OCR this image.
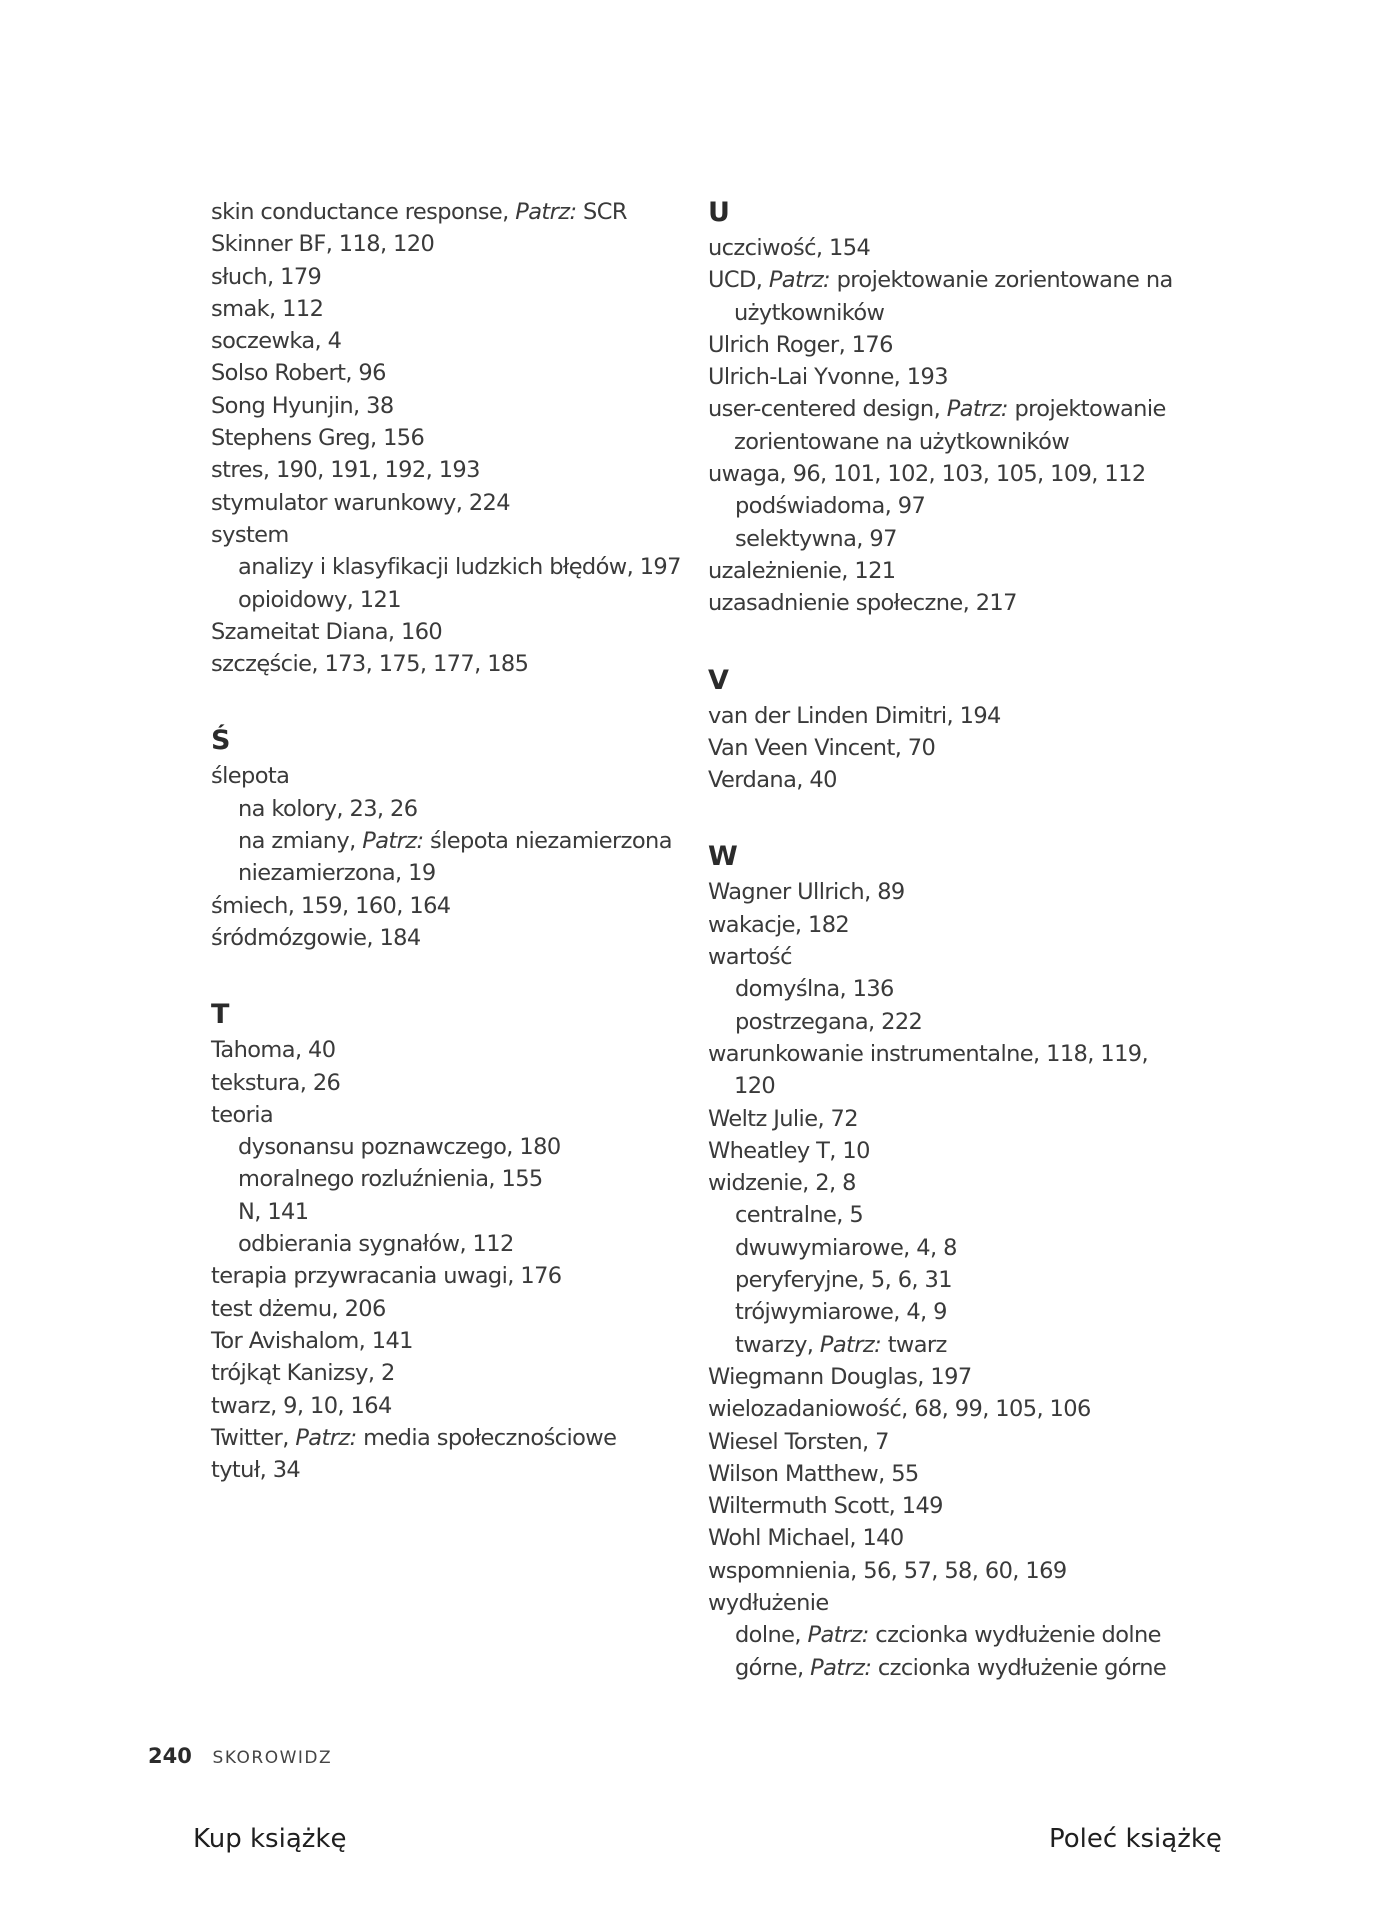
skin conductance response, Patrz: SCR
Skinner BF, 118, 120
słuch, 179
smak, 112
soczewka, 4
Solso Robert, 96
Song Hyunjin, 38
Stephens Greg, 156
stres, 190, 191, 192, 193
stymulator warunkowy, 224
system
analizy i klasyfikacji ludzkich błędów, 197
opioidowy, 121
Szameitat Diana, 160
szczęście, 173, 175, 177, 185
Ś
ślepota
na kolory, 23, 26
na zmiany, Patrz: ślepota niezamierzona
niezamierzona, 19
śmiech, 159, 160, 164
śródmózgowie, 184
T
Tahoma, 40
tekstura, 26
teoria
dysonansu poznawczego, 180
moralnego rozluźnienia, 155
N, 141
odbierania sygnałów, 112
terapia przywracania uwagi, 176
test dżemu, 206
Tor Avishalom, 141
trójkąt Kanizsy, 2
twarz, 9, 10, 164
Twitter, Patrz: media społecznościowe
tytuł, 34
U
uczciwość, 154
UCD, Patrz: projektowanie zorientowane na użytkowników
Ulrich Roger, 176
Ulrich-Lai Yvonne, 193
user-centered design, Patrz: projektowanie zorientowane na użytkowników
uwaga, 96, 101, 102, 103, 105, 109, 112
podświadoma, 97
selektywna, 97
uzależnienie, 121
uzasadnienie społeczne, 217
V
van der Linden Dimitri, 194
Van Veen Vincent, 70
Verdana, 40
W
Wagner Ullrich, 89
wakacje, 182
wartość
domyślna, 136
postrzegana, 222
warunkowanie instrumentalne, 118, 119, 120
Weltz Julie, 72
Wheatley T, 10
widzenie, 2, 8
centralne, 5
dwuwymiarowe, 4, 8
peryferyjne, 5, 6, 31
trójwymiarowe, 4, 9
twarzy, Patrz: twarz
Wiegmann Douglas, 197
wielozadaniowość, 68, 99, 105, 106
Wiesel Torsten, 7
Wilson Matthew, 55
Wiltermuth Scott, 149
Wohl Michael, 140
wspomnienia, 56, 57, 58, 60, 169
wydłużenie
dolne, Patrz: czcionka wydłużenie dolne
górne, Patrz: czcionka wydłużenie górne
240 SKOROWIDZ
Kup książkę	Poleć książkę
